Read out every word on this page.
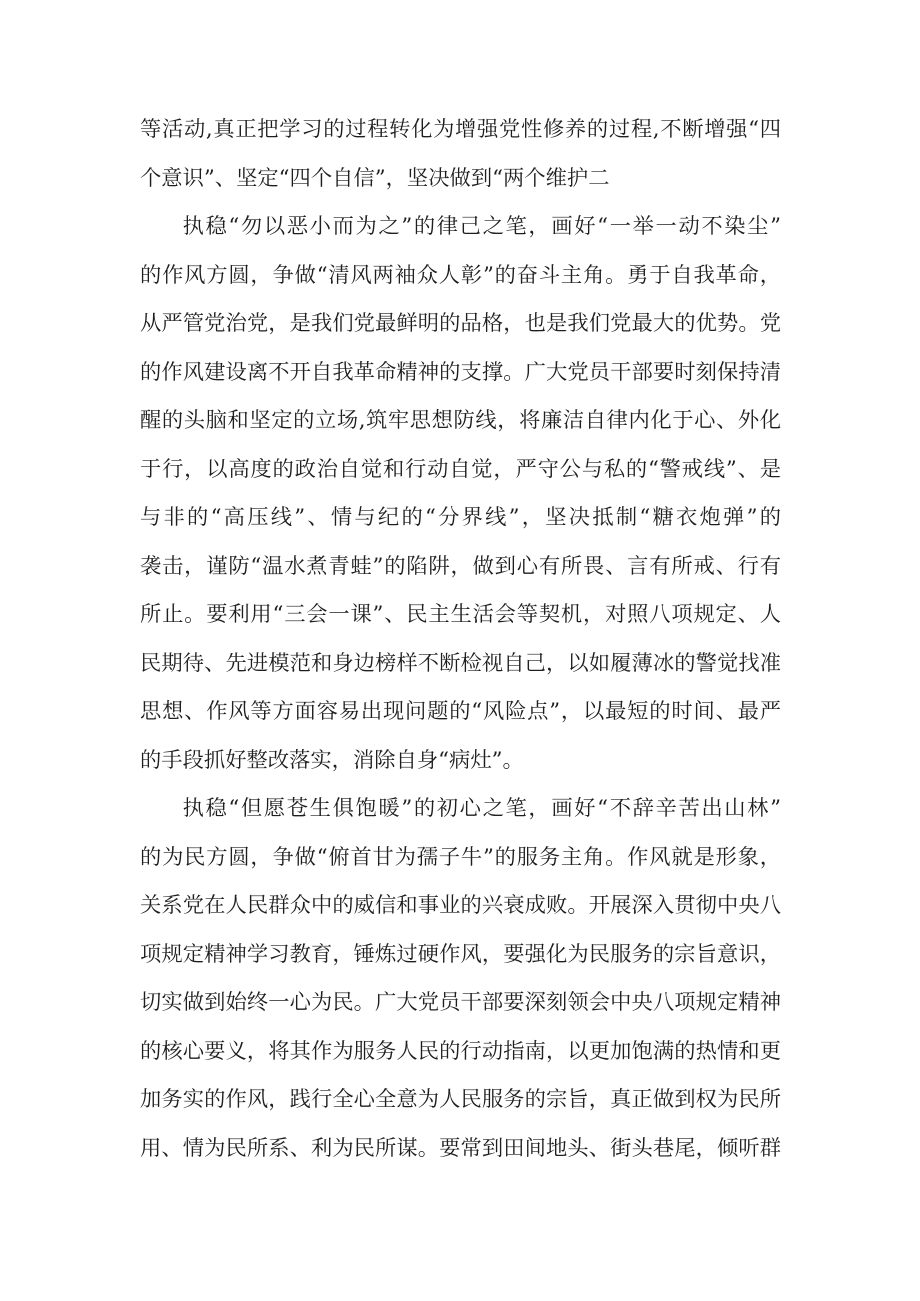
等活动,真正把学习的过程转化为增强党性修养的过程,不断增强“四
个意识”、坚定“四个自信”，坚决做到“两个维护二
执稳“勿以恶小而为之”的律己之笔，画好“一举一动不染尘”
的作风方圆，争做“清风两袖众人彰”的奋斗主角。勇于自我革命，
从严管党治党，是我们党最鲜明的品格，也是我们党最大的优势。党
的作风建设离不开自我革命精神的支撑。广大党员干部要时刻保持清
醒的头脑和坚定的立场,筑牢思想防线，将廉洁自律内化于心、外化
于行，以高度的政治自觉和行动自觉，严守公与私的“警戒线”、是
与非的“高压线”、情与纪的“分界线”，坚决抵制“糖衣炮弹”的
袭击，谨防“温水煮青蛙”的陷阱，做到心有所畏、言有所戒、行有
所止。要利用“三会一课”、民主生活会等契机，对照八项规定、人
民期待、先进模范和身边榜样不断检视自己，以如履薄冰的警觉找准
思想、作风等方面容易出现问题的“风险点”，以最短的时间、最严
的手段抓好整改落实，消除自身“病灶”。
执稳“但愿苍生俱饱暖”的初心之笔，画好“不辞辛苦出山林”
的为民方圆，争做“俯首甘为孺子牛”的服务主角。作风就是形象，
关系党在人民群众中的威信和事业的兴衰成败。开展深入贯彻中央八
项规定精神学习教育，锤炼过硬作风，要强化为民服务的宗旨意识，
切实做到始终一心为民。广大党员干部要深刻领会中央八项规定精神
的核心要义，将其作为服务人民的行动指南，以更加饱满的热情和更
加务实的作风，践行全心全意为人民服务的宗旨，真正做到权为民所
用、情为民所系、利为民所谋。要常到田间地头、街头巷尾，倾听群
